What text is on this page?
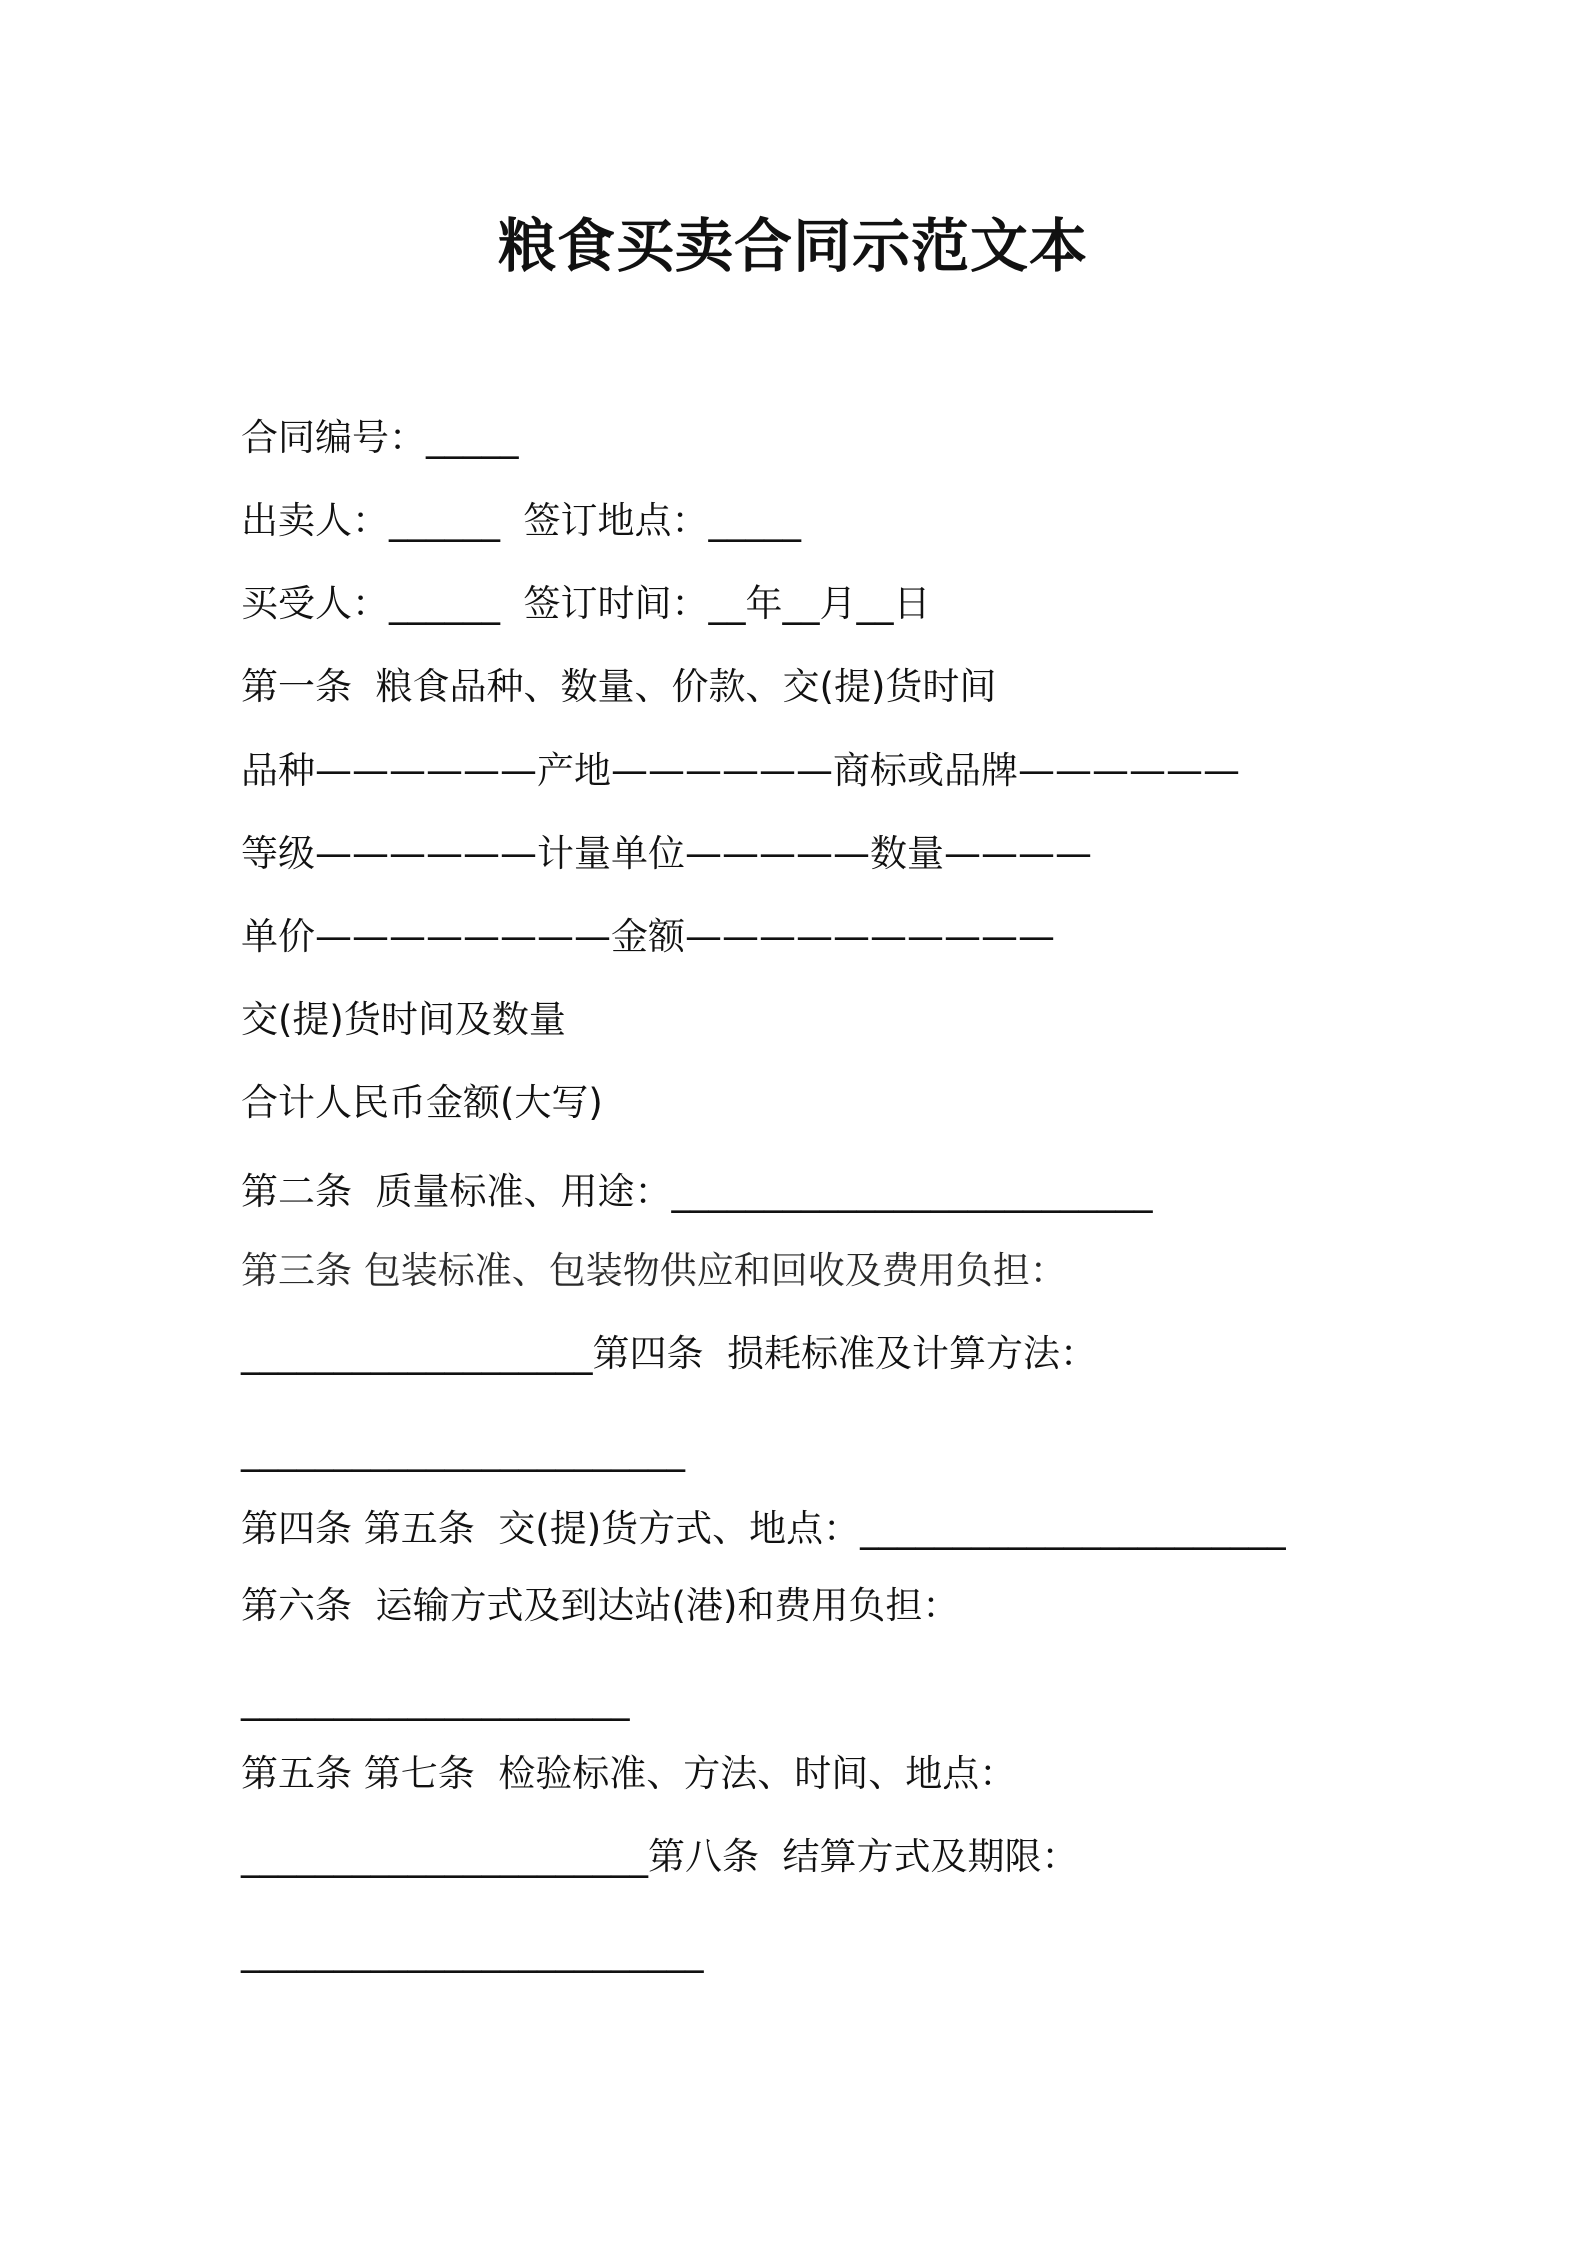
粮食买卖合同示范文本
合同编号：_____
出卖人：______  签订地点：_____
买受人：______  签订时间：__年__月__日
第一条  粮食品种、数量、价款、交(提)货时间
品种——————产地——————商标或品牌——————
等级——————计量单位—————数量————
单价————————金额——————————
交(提)货时间及数量
合计人民币金额(大写)
第二条  质量标准、用途：__________________________
第三条 包装标准、包装物供应和回收及费用负担：
___________________第四条  损耗标准及计算方法：
________________________
第四条 第五条  交(提)货方式、地点：_______________________
第六条  运输方式及到达站(港)和费用负担：
_____________________
第五条 第七条  检验标准、方法、时间、地点：
______________________第八条  结算方式及期限：
_________________________
